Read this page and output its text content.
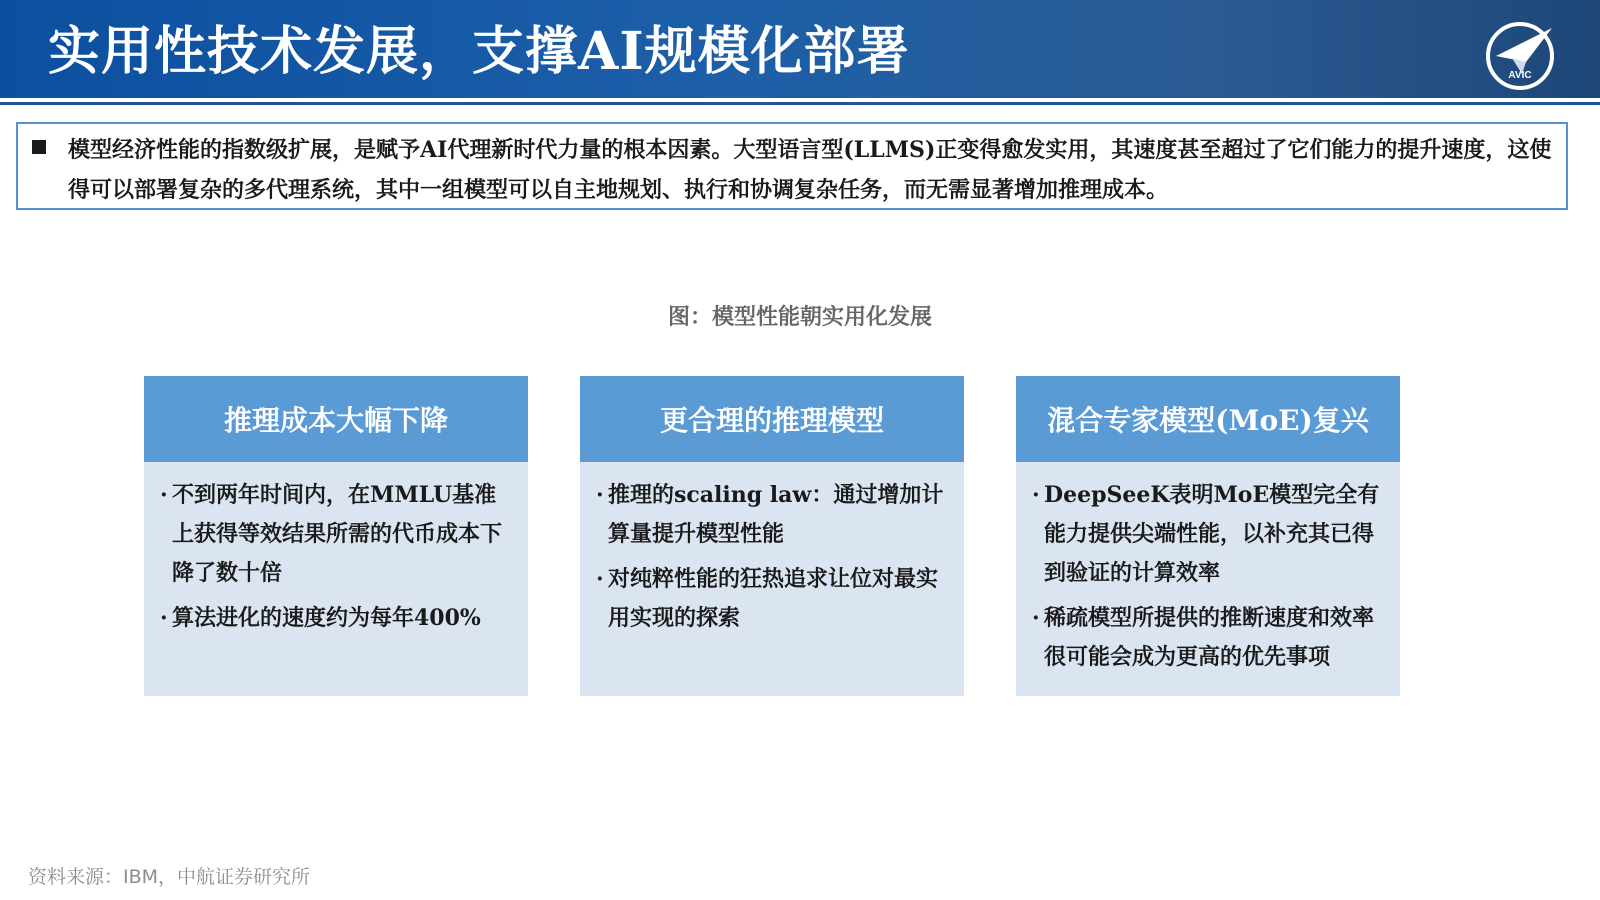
实用性技术发展，支撑AI规模化部署	AVIC
模型经济性能的指数级扩展，是赋予AI代理新时代力量的根本因素。大型语言型(LLMS)正变得愈发实用，其速度甚至超过了它们能力的提升速度，这使得可以部署复杂的多代理系统，其中一组模型可以自主地规划、执行和协调复杂任务，而无需显著增加推理成本。
图：模型性能朝实用化发展
推理成本大幅下降
· 不到两年时间内，在MMLU基准上获得等效结果所需的代币成本下降了数十倍
· 算法进化的速度约为每年400%
更合理的推理模型
· 推理的scaling law：通过增加计算量提升模型性能
· 对纯粹性能的狂热追求让位对最实用实现的探索
混合专家模型(MoE)复兴
· DeepSeeK表明MoE模型完全有能力提供尖端性能，以补充其已得到验证的计算效率
· 稀疏模型所提供的推断速度和效率很可能会成为更高的优先事项
资料来源：IBM，中航证券研究所
